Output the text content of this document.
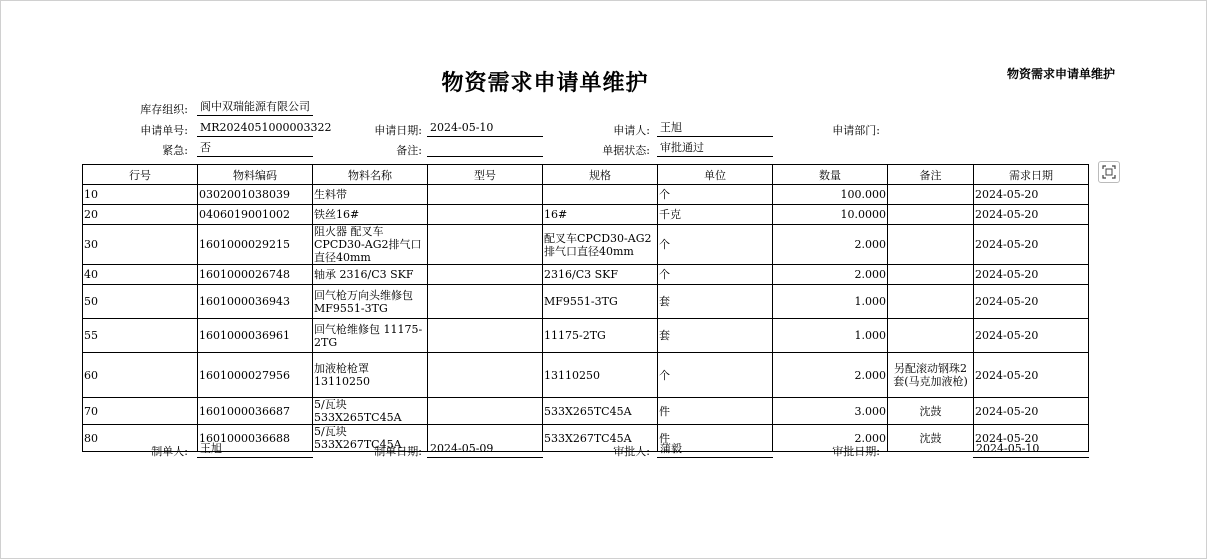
物资需求申请单维护	物资需求申请单维护
库存组织: 阆中双瑞能源有限公司
申请单号: MR2024051000003322	申请日期: 2024-05-10	申请人: 王旭	申请部门:
紧急: 否	备注:	单据状态: 审批通过
行号	物料编码	物料名称	型号	规格	单位	数量	备注	需求日期
10	0302001038039	生料带			个	100.000		2024-05-20
20	0406019001002	铁丝16#		16#	千克	10.0000		2024-05-20
30	1601000029215	阻火器 配叉车CPCD30-AG2排气口直径40mm		配叉车CPCD30-AG2排气口直径40mm	个	2.000		2024-05-20
40	1601000026748	轴承 2316/C3 SKF		2316/C3 SKF	个	2.000		2024-05-20
50	1601000036943	回气枪万向头维修包MF9551-3TG		MF9551-3TG	套	1.000		2024-05-20
55	1601000036961	回气枪维修包 11175-2TG		11175-2TG	套	1.000		2024-05-20
60	1601000027956	加液枪枪罩 13110250		13110250	个	2.000	另配滚动钢珠2套(马克加液枪)	2024-05-20
70	1601000036687	5/瓦块 533X265TC45A		533X265TC45A	件	3.000	沈鼓	2024-05-20
80	1601000036688	5/瓦块 533X267TC45A		533X267TC45A	件	2.000	沈鼓	2024-05-20
制单人: 王旭	制单日期: 2024-05-09	审批人: 蒲毅	审批日期:	2024-05-10
